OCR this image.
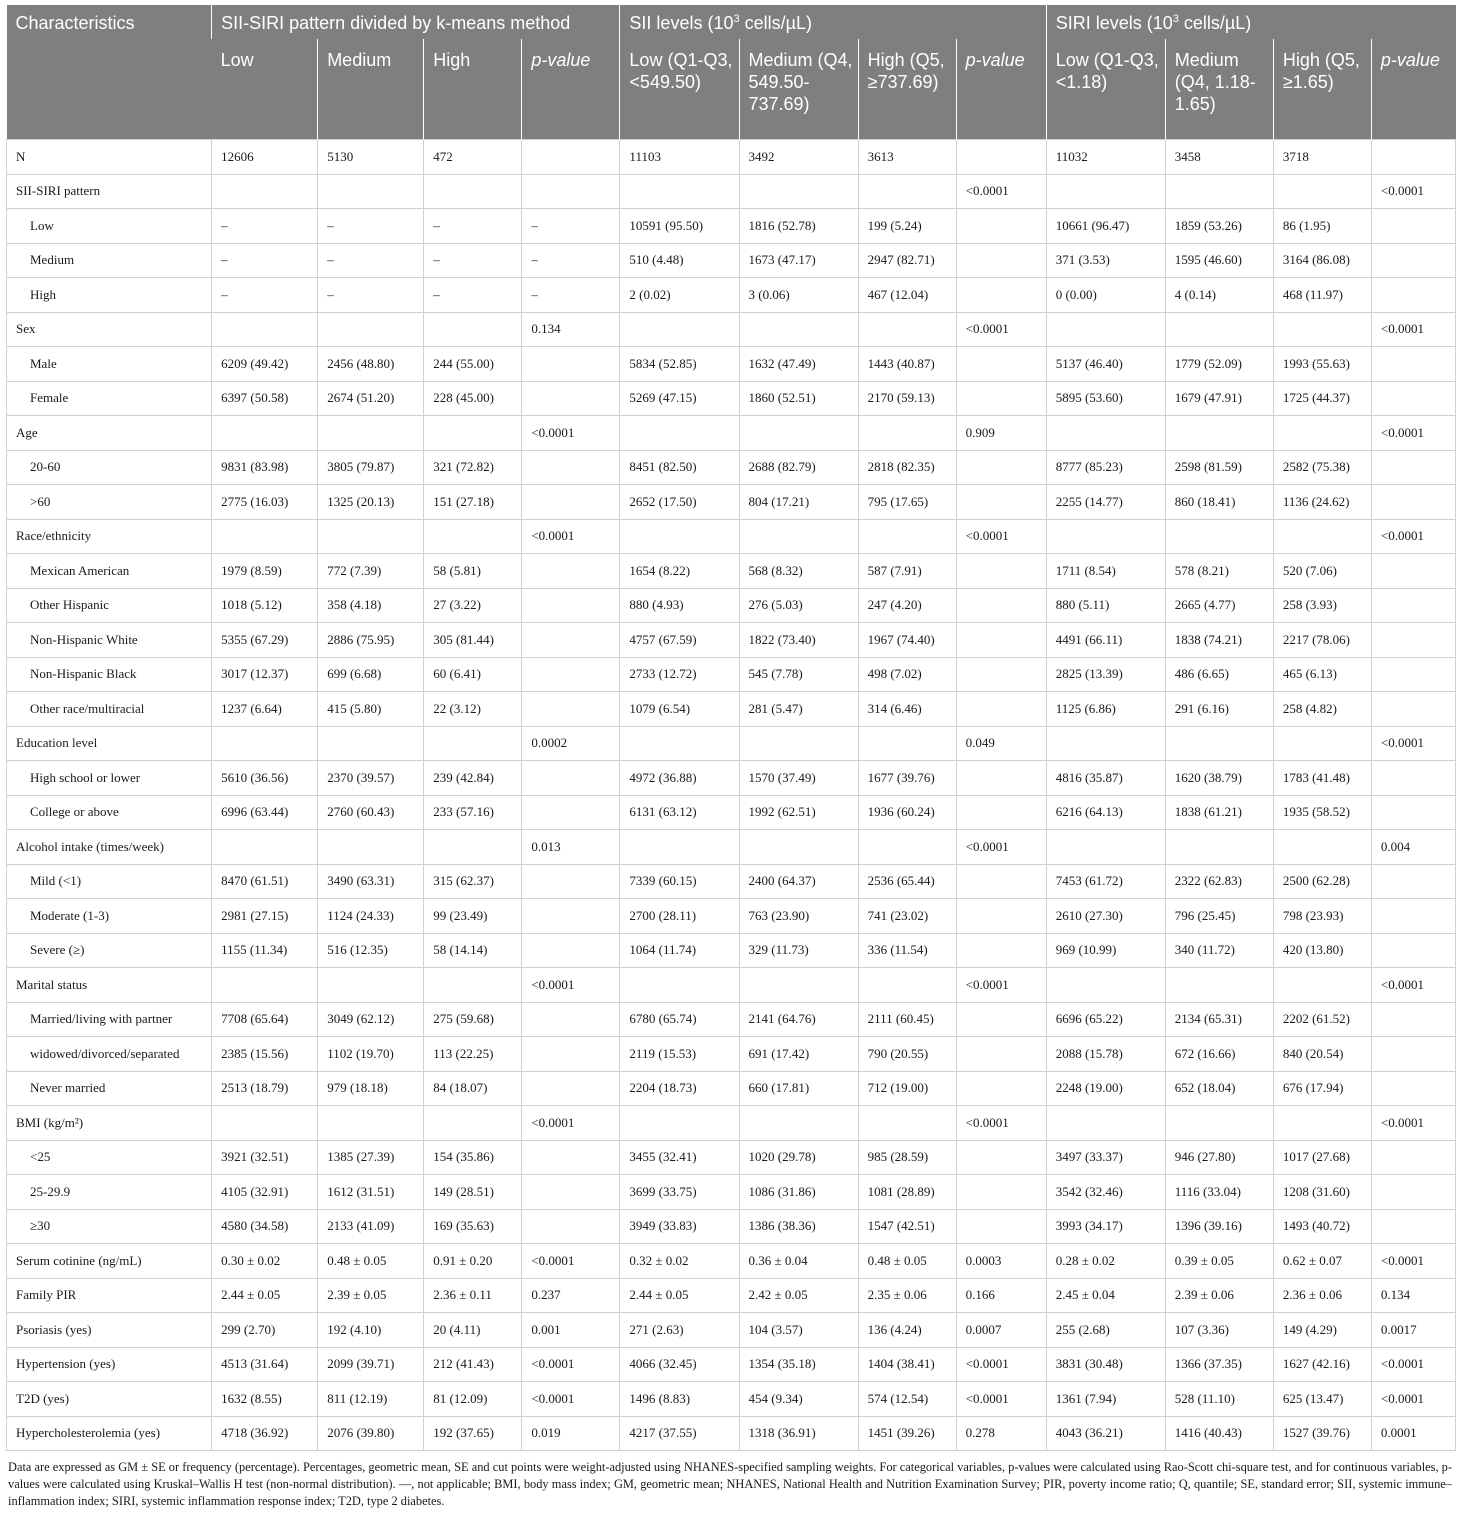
Characteristics	SII-SIRI pattern divided by k-means method				SII levels ($10^3$ cells/µL)				SIRI levels ($10^3$ cells/µL)			
	Low	Medium	High	p-value	Low (Q1-Q3, <549.50)	Medium (Q4, 549.50-737.69)	High (Q5, ≥737.69)	p-value	Low (Q1-Q3, <1.18)	Medium (Q4, 1.18-1.65)	High (Q5, ≥1.65)	p-value
N	12606	5130	472		11103	3492	3613		11032	3458	3718	
SII-SIRI pattern								<0.0001				<0.0001
Low	–	–	–	–	10591 (95.50)	1816 (52.78)	199 (5.24)		10661 (96.47)	1859 (53.26)	86 (1.95)	
Medium	–	–	–	–	510 (4.48)	1673 (47.17)	2947 (82.71)		371 (3.53)	1595 (46.60)	3164 (86.08)	
High	–	–	–	–	2 (0.02)	3 (0.06)	467 (12.04)		0 (0.00)	4 (0.14)	468 (11.97)	
Sex				0.134				<0.0001				<0.0001
Male	6209 (49.42)	2456 (48.80)	244 (55.00)		5834 (52.85)	1632 (47.49)	1443 (40.87)		5137 (46.40)	1779 (52.09)	1993 (55.63)	
Female	6397 (50.58)	2674 (51.20)	228 (45.00)		5269 (47.15)	1860 (52.51)	2170 (59.13)		5895 (53.60)	1679 (47.91)	1725 (44.37)	
Age				<0.0001				0.909				<0.0001
20-60	9831 (83.98)	3805 (79.87)	321 (72.82)		8451 (82.50)	2688 (82.79)	2818 (82.35)		8777 (85.23)	2598 (81.59)	2582 (75.38)	
>60	2775 (16.03)	1325 (20.13)	151 (27.18)		2652 (17.50)	804 (17.21)	795 (17.65)		2255 (14.77)	860 (18.41)	1136 (24.62)	
Race/ethnicity				<0.0001				<0.0001				<0.0001
Mexican American	1979 (8.59)	772 (7.39)	58 (5.81)		1654 (8.22)	568 (8.32)	587 (7.91)		1711 (8.54)	578 (8.21)	520 (7.06)	
Other Hispanic	1018 (5.12)	358 (4.18)	27 (3.22)		880 (4.93)	276 (5.03)	247 (4.20)		880 (5.11)	2665 (4.77)	258 (3.93)	
Non-Hispanic White	5355 (67.29)	2886 (75.95)	305 (81.44)		4757 (67.59)	1822 (73.40)	1967 (74.40)		4491 (66.11)	1838 (74.21)	2217 (78.06)	
Non-Hispanic Black	3017 (12.37)	699 (6.68)	60 (6.41)		2733 (12.72)	545 (7.78)	498 (7.02)		2825 (13.39)	486 (6.65)	465 (6.13)	
Other race/multiracial	1237 (6.64)	415 (5.80)	22 (3.12)		1079 (6.54)	281 (5.47)	314 (6.46)		1125 (6.86)	291 (6.16)	258 (4.82)	
Education level				0.0002				0.049				<0.0001
High school or lower	5610 (36.56)	2370 (39.57)	239 (42.84)		4972 (36.88)	1570 (37.49)	1677 (39.76)		4816 (35.87)	1620 (38.79)	1783 (41.48)	
College or above	6996 (63.44)	2760 (60.43)	233 (57.16)		6131 (63.12)	1992 (62.51)	1936 (60.24)		6216 (64.13)	1838 (61.21)	1935 (58.52)	
Alcohol intake (times/week)				0.013				<0.0001				0.004
Mild (<1)	8470 (61.51)	3490 (63.31)	315 (62.37)		7339 (60.15)	2400 (64.37)	2536 (65.44)		7453 (61.72)	2322 (62.83)	2500 (62.28)	
Moderate (1-3)	2981 (27.15)	1124 (24.33)	99 (23.49)		2700 (28.11)	763 (23.90)	741 (23.02)		2610 (27.30)	796 (25.45)	798 (23.93)	
Severe (≥)	1155 (11.34)	516 (12.35)	58 (14.14)		1064 (11.74)	329 (11.73)	336 (11.54)		969 (10.99)	340 (11.72)	420 (13.80)	
Marital status				<0.0001				<0.0001				<0.0001
Married/living with partner	7708 (65.64)	3049 (62.12)	275 (59.68)		6780 (65.74)	2141 (64.76)	2111 (60.45)		6696 (65.22)	2134 (65.31)	2202 (61.52)	
widowed/divorced/separated	2385 (15.56)	1102 (19.70)	113 (22.25)		2119 (15.53)	691 (17.42)	790 (20.55)		2088 (15.78)	672 (16.66)	840 (20.54)	
Never married	2513 (18.79)	979 (18.18)	84 (18.07)		2204 (18.73)	660 (17.81)	712 (19.00)		2248 (19.00)	652 (18.04)	676 (17.94)	
BMI (kg/m²)				<0.0001				<0.0001				<0.0001
<25	3921 (32.51)	1385 (27.39)	154 (35.86)		3455 (32.41)	1020 (29.78)	985 (28.59)		3497 (33.37)	946 (27.80)	1017 (27.68)	
25-29.9	4105 (32.91)	1612 (31.51)	149 (28.51)		3699 (33.75)	1086 (31.86)	1081 (28.89)		3542 (32.46)	1116 (33.04)	1208 (31.60)	
≥30	4580 (34.58)	2133 (41.09)	169 (35.63)		3949 (33.83)	1386 (38.36)	1547 (42.51)		3993 (34.17)	1396 (39.16)	1493 (40.72)	
Serum cotinine (ng/mL)	0.30 ± 0.02	0.48 ± 0.05	0.91 ± 0.20	<0.0001	0.32 ± 0.02	0.36 ± 0.04	0.48 ± 0.05	0.0003	0.28 ± 0.02	0.39 ± 0.05	0.62 ± 0.07	<0.0001
Family PIR	2.44 ± 0.05	2.39 ± 0.05	2.36 ± 0.11	0.237	2.44 ± 0.05	2.42 ± 0.05	2.35 ± 0.06	0.166	2.45 ± 0.04	2.39 ± 0.06	2.36 ± 0.06	0.134
Psoriasis (yes)	299 (2.70)	192 (4.10)	20 (4.11)	0.001	271 (2.63)	104 (3.57)	136 (4.24)	0.0007	255 (2.68)	107 (3.36)	149 (4.29)	0.0017
Hypertension (yes)	4513 (31.64)	2099 (39.71)	212 (41.43)	<0.0001	4066 (32.45)	1354 (35.18)	1404 (38.41)	<0.0001	3831 (30.48)	1366 (37.35)	1627 (42.16)	<0.0001
T2D (yes)	1632 (8.55)	811 (12.19)	81 (12.09)	<0.0001	1496 (8.83)	454 (9.34)	574 (12.54)	<0.0001	1361 (7.94)	528 (11.10)	625 (13.47)	<0.0001
Hypercholesterolemia (yes)	4718 (36.92)	2076 (39.80)	192 (37.65)	0.019	4217 (37.55)	1318 (36.91)	1451 (39.26)	0.278	4043 (36.21)	1416 (40.43)	1527 (39.76)	0.0001
Data are expressed as GM ± SE or frequency (percentage). Percentages, geometric mean, SE and cut points were weight-adjusted using NHANES-specified sampling weights. For categorical variables, p-values were calculated using Rao-Scott chi-square test, and for continuous variables, p-values were calculated using Kruskal–Wallis H test (non-normal distribution). —, not applicable; BMI, body mass index; GM, geometric mean; NHANES, National Health and Nutrition Examination Survey; PIR, poverty income ratio; Q, quantile; SE, standard error; SII, systemic immune–inflammation index; SIRI, systemic inflammation response index; T2D, type 2 diabetes.
